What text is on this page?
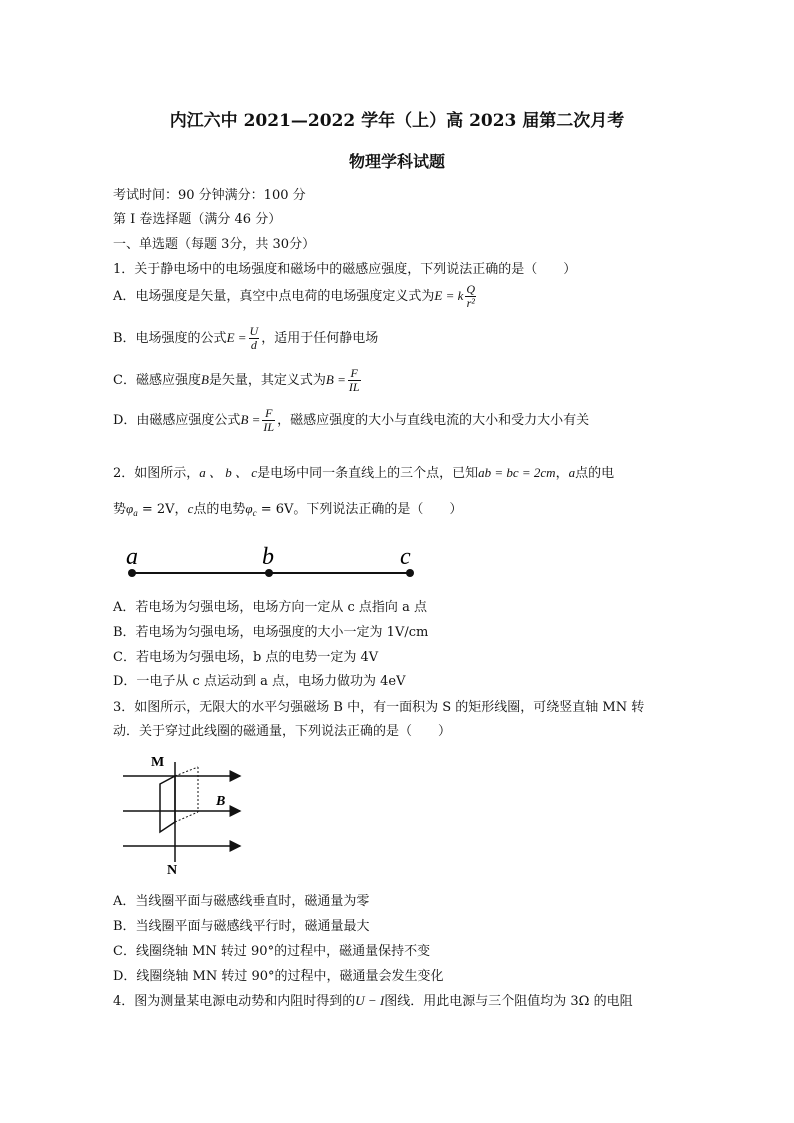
内江六中 2021—2022 学年（上）高 2023 届第二次月考
物理学科试题
考试时间：90 分钟满分：100 分
第 I 卷选择题（满分 46 分）
一、单选题（每题 3分，共 30分）
1．关于静电场中的电场强度和磁场中的磁感应强度，下列说法正确的是（　　）
A．电场强度是矢量，真空中点电荷的电场强度定义式为E = k $\frac{Q}{\text{r²}}$
B．电场强度的公式$E = \frac{U}{d}$ ，适用于任何静电场
C．磁感应强度B是矢量，其定义式为$B = \frac{F}{IL}$
D．由磁感应强度公式$B = \frac{F}{IL}$ ，磁感应强度的大小与直线电流的大小和受力大小有关
2．如图所示，a 、 b 、 c是电场中同一条直线上的三个点，已知ab = bc = 2cm，a点的电
势$\varphi_a = 2V$，c点的电势$\varphi_c = 6V$。下列说法正确的是（　　）
a	b	c
A．若电场为匀强电场，电场方向一定从 c 点指向 a 点
B．若电场为匀强电场，电场强度的大小一定为 1V/cm
C．若电场为匀强电场，b 点的电势一定为 4V
D．一电子从 c 点运动到 a 点，电场力做功为 4eV
3．如图所示，无限大的水平匀强磁场 B 中，有一面积为 S 的矩形线圈，可绕竖直轴 MN 转
动．关于穿过此线圈的磁通量，下列说法正确的是（　　）
M
N
B
A．当线圈平面与磁感线垂直时，磁通量为零
B．当线圈平面与磁感线平行时，磁通量最大
C．线圈绕轴 MN 转过 90°的过程中，磁通量保持不变
D．线圈绕轴 MN 转过 90°的过程中，磁通量会发生变化
4．图为测量某电源电动势和内阻时得到的U − I图线．用此电源与三个阻值均为 3Ω 的电阻
